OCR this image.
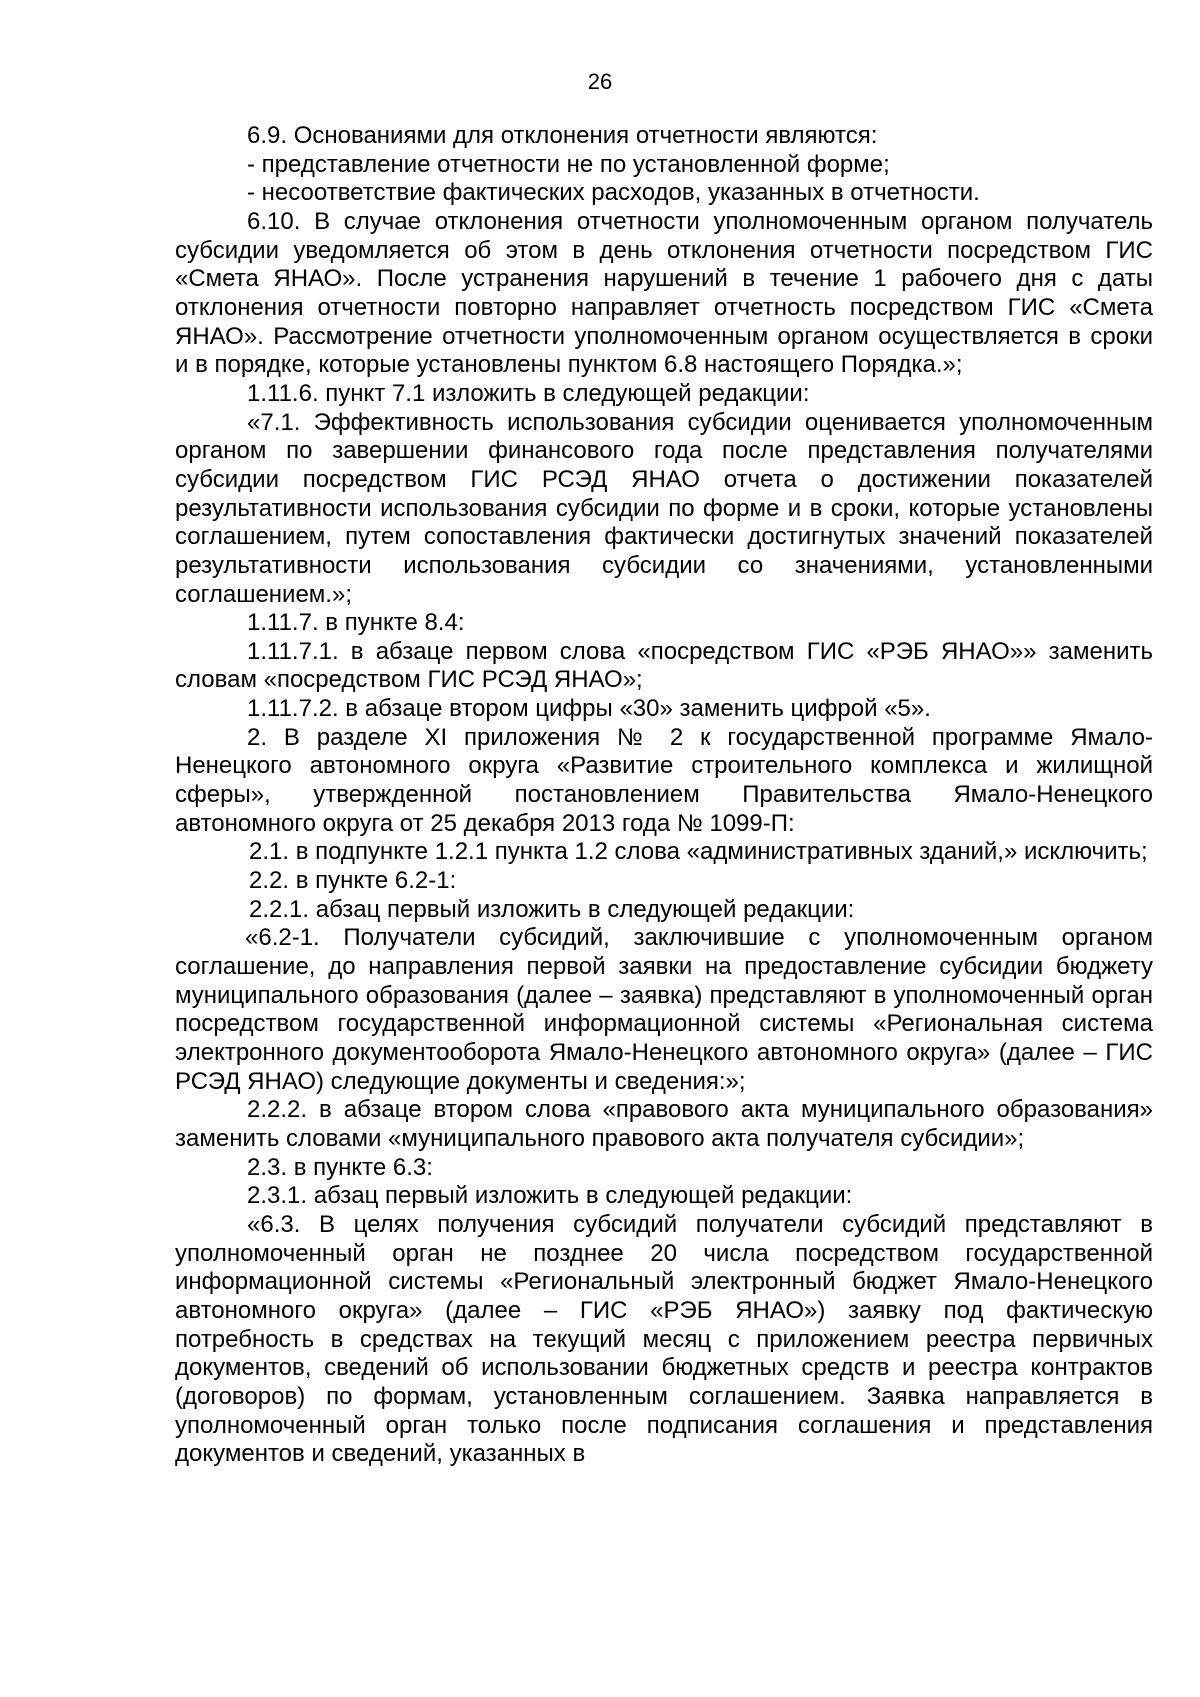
26

6.9. Основаниями для отклонения отчетности являются:

- представление отчетности не по установленной форме;

- несоответствие фактических расходов, указанных в отчетности.

6.10. В случае отклонения отчетности уполномоченным органом получатель субсидии уведомляется об этом в день отклонения отчетности посредством ГИС «Смета ЯНАО». После устранения нарушений в течение 1 рабочего дня с даты отклонения отчетности повторно направляет отчетность посредством ГИС «Смета ЯНАО». Рассмотрение отчетности уполномоченным органом осуществляется в сроки и в порядке, которые установлены пунктом 6.8 настоящего Порядка.»;

1.11.6. пункт 7.1 изложить в следующей редакции:

«7.1. Эффективность использования субсидии оценивается уполномоченным органом по завершении финансового года после представления получателями субсидии посредством ГИС РСЭД ЯНАО отчета о достижении показателей результативности использования субсидии по форме и в сроки, которые установлены соглашением, путем сопоставления фактически достигнутых значений показателей результативности использования субсидии со значениями, установленными соглашением.»;

1.11.7. в пункте 8.4:

1.11.7.1. в абзаце первом слова «посредством ГИС «РЭБ ЯНАО»» заменить словам «посредством ГИС РСЭД ЯНАО»;

1.11.7.2. в абзаце втором цифры «30» заменить цифрой «5».

2. В разделе XI приложения № 2 к государственной программе Ямало-Ненецкого автономного округа «Развитие строительного комплекса и жилищной сферы», утвержденной постановлением Правительства Ямало-Ненецкого автономного округа от 25 декабря 2013 года № 1099-П:

2.1. в подпункте 1.2.1 пункта 1.2 слова «административных зданий,» исключить;

2.2. в пункте 6.2-1:

2.2.1. абзац первый изложить в следующей редакции:

«6.2-1. Получатели субсидий, заключившие с уполномоченным органом соглашение, до направления первой заявки на предоставление субсидии бюджету муниципального образования (далее – заявка) представляют в уполномоченный орган посредством государственной информационной системы «Региональная система электронного документооборота Ямало-Ненецкого автономного округа» (далее – ГИС РСЭД ЯНАО) следующие документы и сведения:»;

2.2.2. в абзаце втором слова «правового акта муниципального образования» заменить словами «муниципального правового акта получателя субсидии»;

2.3. в пункте 6.3:

2.3.1. абзац первый изложить в следующей редакции:

«6.3. В целях получения субсидий получатели субсидий представляют в уполномоченный орган не позднее 20 числа посредством государственной информационной системы «Региональный электронный бюджет Ямало-Ненецкого автономного округа» (далее – ГИС «РЭБ ЯНАО») заявку под фактическую потребность в средствах на текущий месяц с приложением реестра первичных документов, сведений об использовании бюджетных средств и реестра контрактов (договоров) по формам, установленным соглашением. Заявка направляется в уполномоченный орган только после подписания соглашения и представления документов и сведений, указанных в
